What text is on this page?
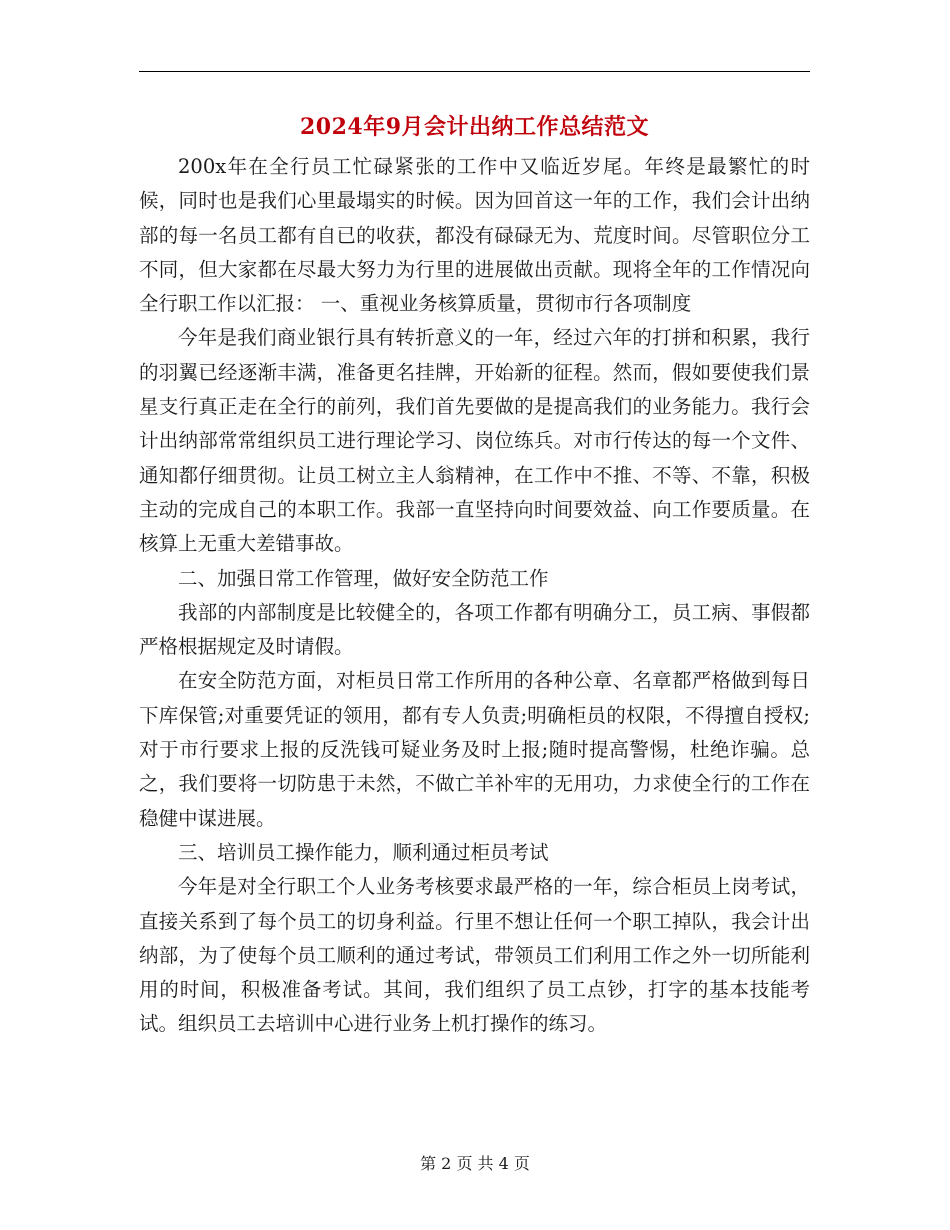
2024年9月会计出纳工作总结范文

200x年在全行员工忙碌紧张的工作中又临近岁尾。年终是最繁忙的时候，同时也是我们心里最塌实的时候。因为回首这一年的工作，我们会计出纳部的每一名员工都有自已的收获，都没有碌碌无为、荒度时间。尽管职位分工不同，但大家都在尽最大努力为行里的进展做出贡献。现将全年的工作情况向全行职工作以汇报： 一、重视业务核算质量，贯彻市行各项制度

今年是我们商业银行具有转折意义的一年，经过六年的打拼和积累，我行的羽翼已经逐渐丰满，准备更名挂牌，开始新的征程。然而，假如要使我们景星支行真正走在全行的前列，我们首先要做的是提高我们的业务能力。我行会计出纳部常常组织员工进行理论学习、岗位练兵。对市行传达的每一个文件、通知都仔细贯彻。让员工树立主人翁精神，在工作中不推、不等、不靠，积极主动的完成自己的本职工作。我部一直坚持向时间要效益、向工作要质量。在核算上无重大差错事故。

二、加强日常工作管理，做好安全防范工作

我部的内部制度是比较健全的，各项工作都有明确分工，员工病、事假都严格根据规定及时请假。

在安全防范方面，对柜员日常工作所用的各种公章、名章都严格做到每日下库保管;对重要凭证的领用，都有专人负责;明确柜员的权限，不得擅自授权;对于市行要求上报的反洗钱可疑业务及时上报;随时提高警惕，杜绝诈骗。总之，我们要将一切防患于未然，不做亡羊补牢的无用功，力求使全行的工作在稳健中谋进展。

三、培训员工操作能力，顺利通过柜员考试

今年是对全行职工个人业务考核要求最严格的一年，综合柜员上岗考试，直接关系到了每个员工的切身利益。行里不想让任何一个职工掉队，我会计出纳部，为了使每个员工顺利的通过考试，带领员工们利用工作之外一切所能利用的时间，积极准备考试。其间，我们组织了员工点钞，打字的基本技能考试。组织员工去培训中心进行业务上机打操作的练习。

第 2 页 共 4 页
